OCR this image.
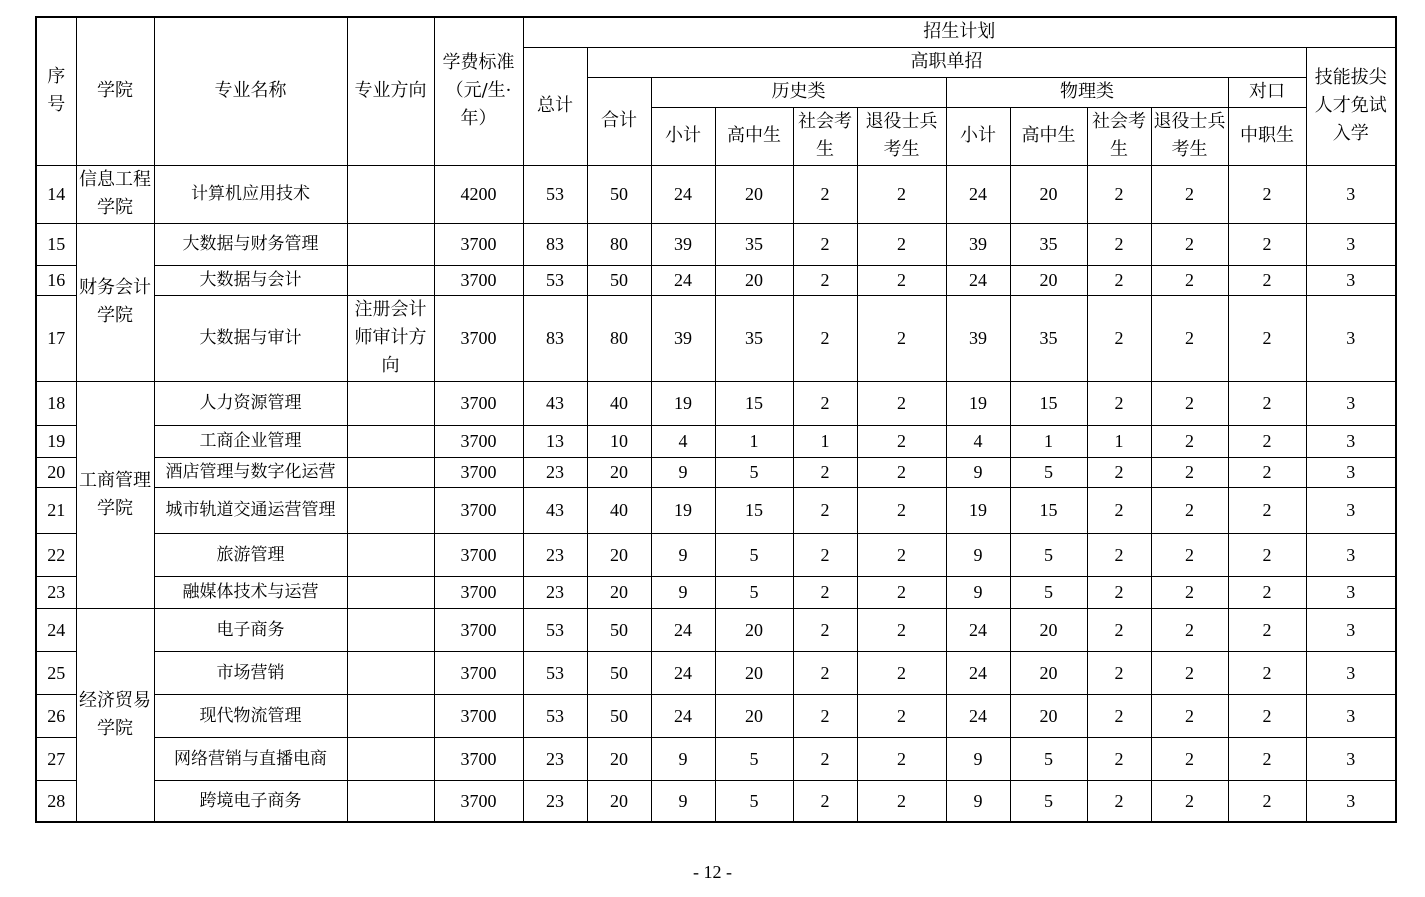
序号	学院	专业名称	专业方向	学费标准（元/生·年）	招生计划											
					总计	高职单招										技能拔尖人才免试入学
						合计	历史类				物理类				对口	
							小计	高中生	社会考生	退役士兵考生	小计	高中生	社会考生	退役士兵考生	中职生	
14	信息工程学院	计算机应用技术		4200	53	50	24	20	2	2	24	20	2	2	2	3
15	财务会计学院	大数据与财务管理		3700	83	80	39	35	2	2	39	35	2	2	2	3
16		大数据与会计		3700	53	50	24	20	2	2	24	20	2	2	2	3
17		大数据与审计	注册会计师审计方向	3700	83	80	39	35	2	2	39	35	2	2	2	3
18	工商管理学院	人力资源管理		3700	43	40	19	15	2	2	19	15	2	2	2	3
19		工商企业管理		3700	13	10	4	1	1	2	4	1	1	2	2	3
20		酒店管理与数字化运营		3700	23	20	9	5	2	2	9	5	2	2	2	3
21		城市轨道交通运营管理		3700	43	40	19	15	2	2	19	15	2	2	2	3
22		旅游管理		3700	23	20	9	5	2	2	9	5	2	2	2	3
23		融媒体技术与运营		3700	23	20	9	5	2	2	9	5	2	2	2	3
24	经济贸易学院	电子商务		3700	53	50	24	20	2	2	24	20	2	2	2	3
25		市场营销		3700	53	50	24	20	2	2	24	20	2	2	2	3
26		现代物流管理		3700	53	50	24	20	2	2	24	20	2	2	2	3
27		网络营销与直播电商		3700	23	20	9	5	2	2	9	5	2	2	2	3
28		跨境电子商务		3700	23	20	9	5	2	2	9	5	2	2	2	3
- 12 -
